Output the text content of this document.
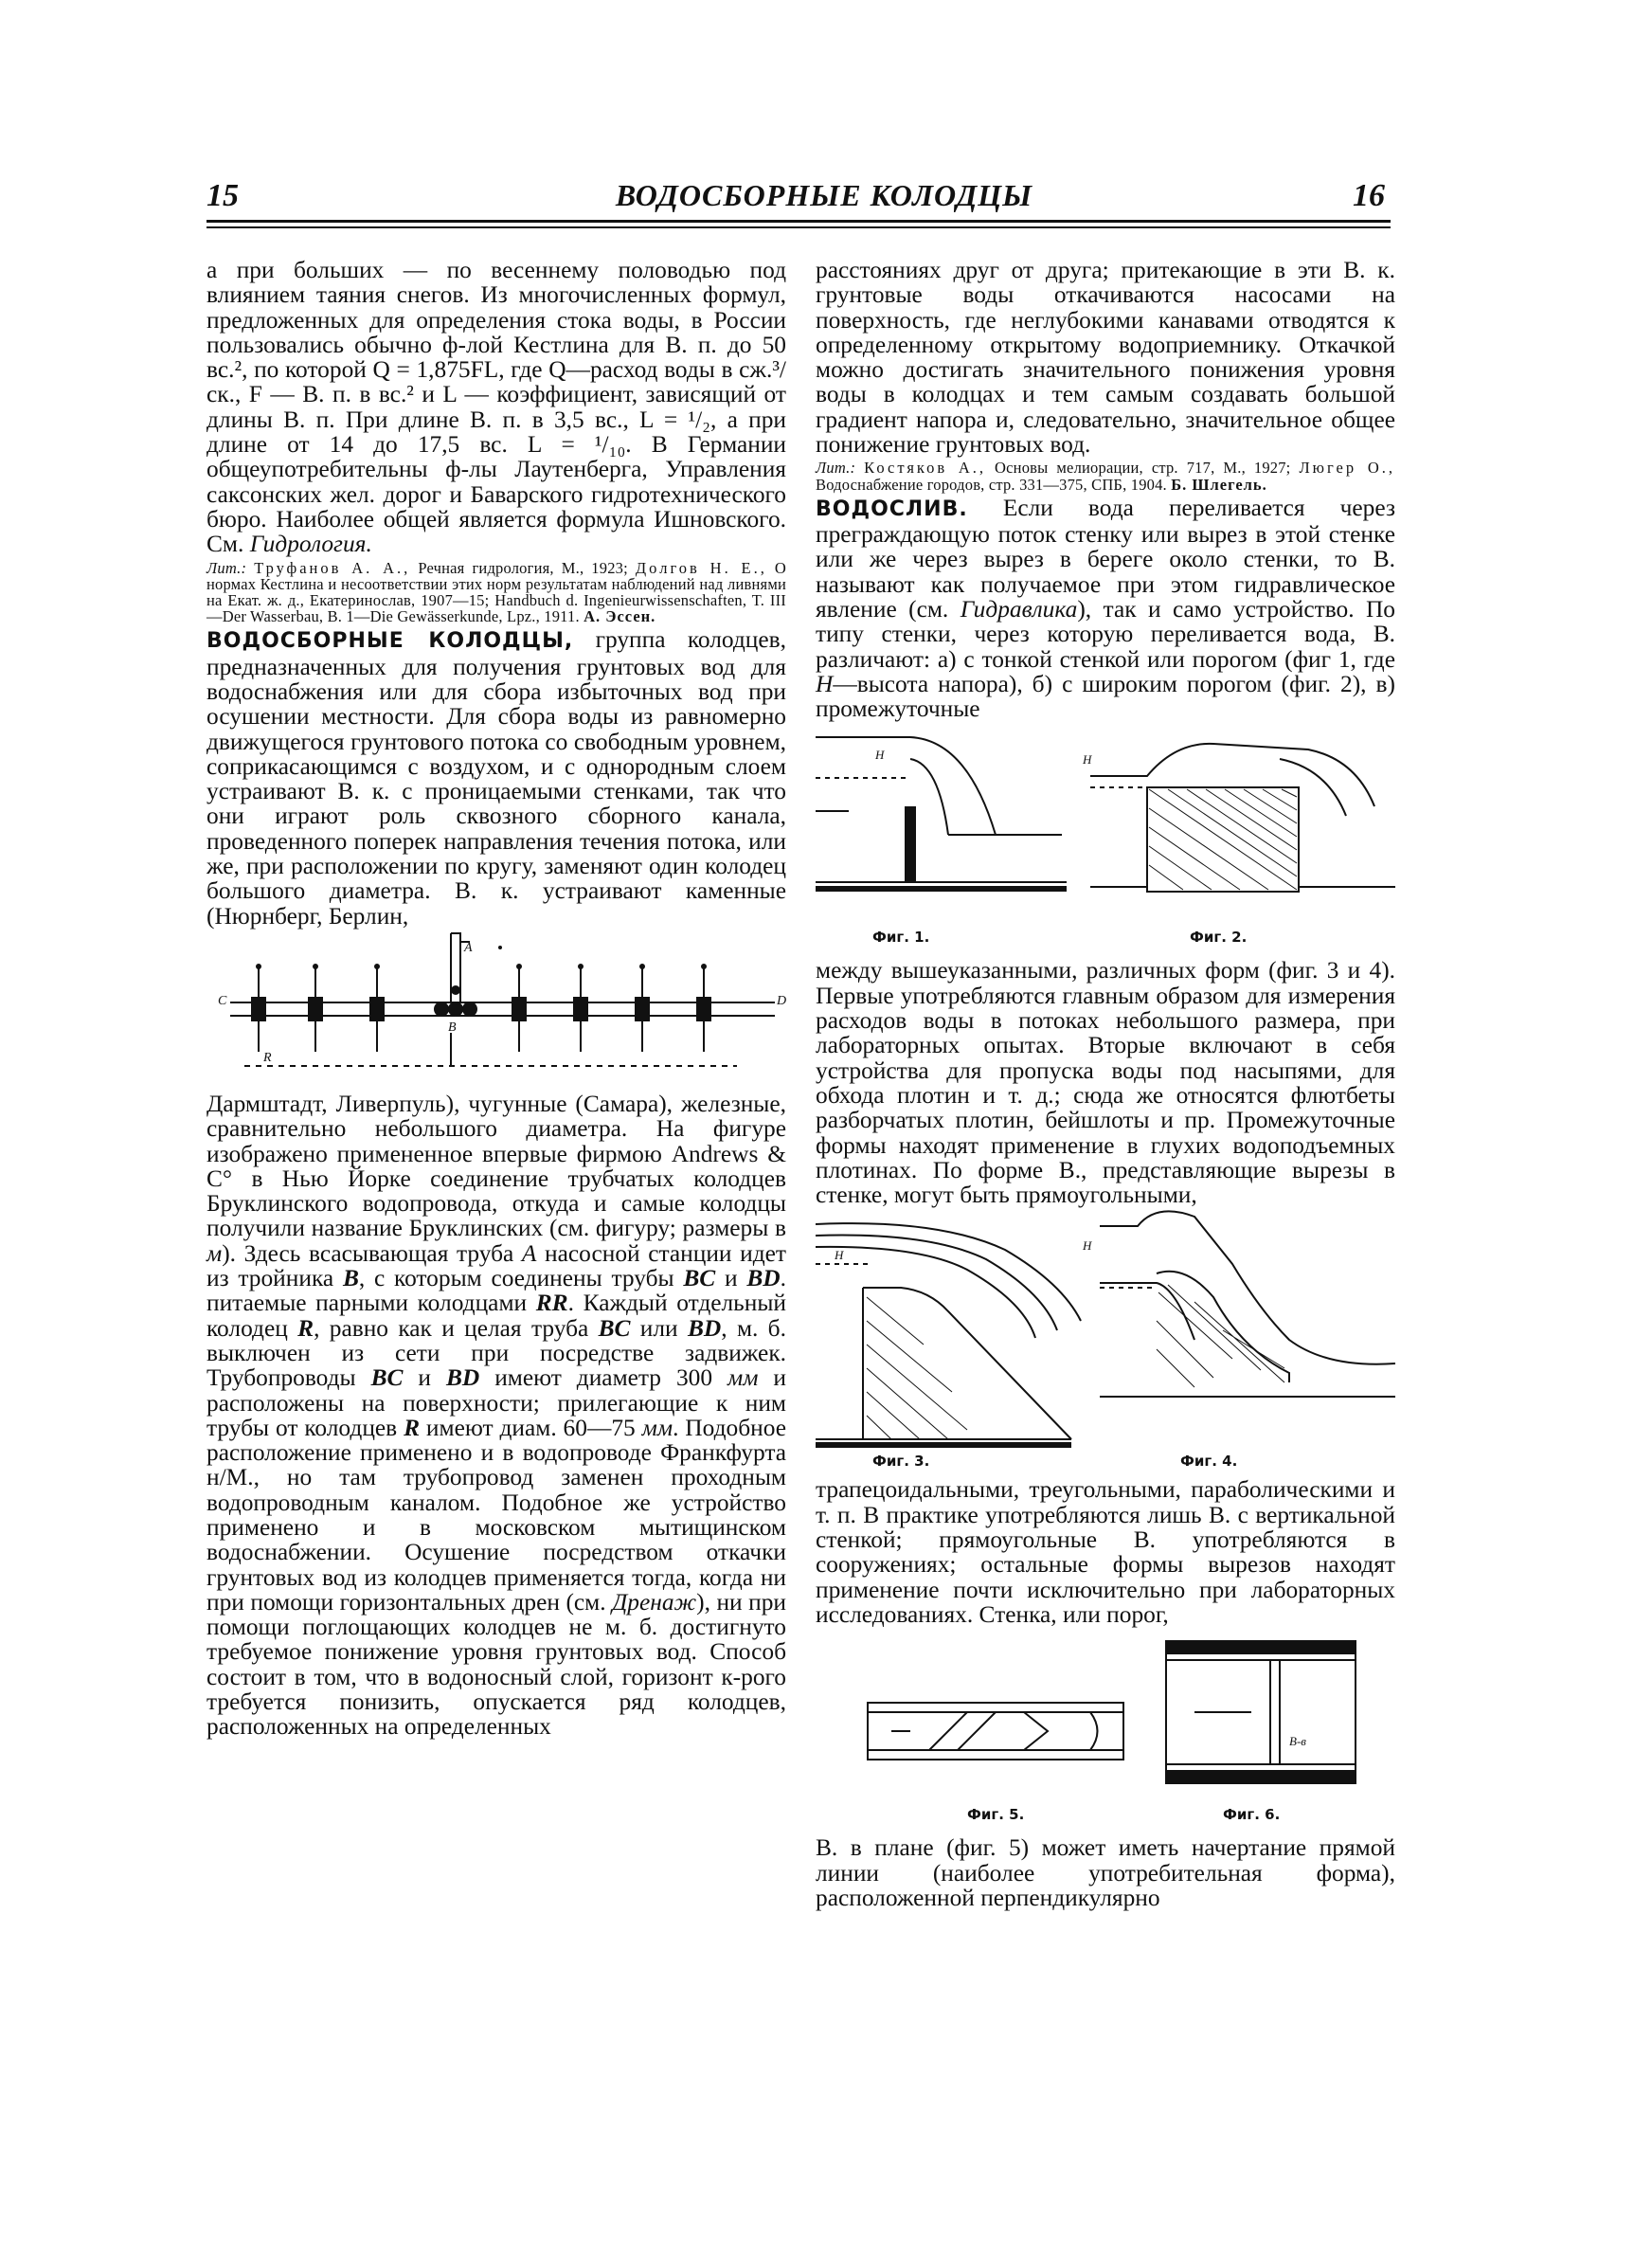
15	ВОДОСБОРНЫЕ КОЛОДЦЫ	16

а при больших — по весеннему половодью под влиянием таяния снегов. Из многочисленных формул, предложенных для определения стока воды, в России пользовались обычно ф-лой Кестлина для В. п. до 50 вс.², по которой Q = 1,875FL, где Q—расход воды в сж.³/ск., F — В. п. в вс.² и L — коэффициент, зависящий от длины В. п. При длине В. п. в 3,5 вс., L = ¹/₂, а при длине от 14 до 17,5 вс. L = ¹/₁₀. В Германии общеупотребительны ф-лы Лаутенберга, Управления саксонских жел. дорог и Баварского гидротехнического бюро. Наиболее общей является формула Ишновского. См. Гидрология.

Лит.: Труфанов А. А., Речная гидрология, М., 1923; Долгов Н. Е., О нормах Кестлина и несоответствии этих норм результатам наблюдений над ливнями на Екат. ж. д., Екатеринослав, 1907—15; Handbuch d. Ingenieurwissenschaften, T. III—Der Wasserbau, B. 1—Die Gewässerkunde, Lpz., 1911. А. Эссен.

ВОДОСБОРНЫЕ КОЛОДЦЫ, группа колодцев, предназначенных для получения грунтовых вод для водоснабжения или для сбора избыточных вод при осушении местности. Для сбора воды из равномерно движущегося грунтового потока со свободным уровнем, соприкасающимся с воздухом, и с однородным слоем устраивают В. к. с проницаемыми стенками, так что они играют роль сквозного сборного канала, проведенного поперек направления течения потока, или же, при расположении по кругу, заменяют один колодец большого диаметра. В. к. устраивают каменные (Нюрнберг, Берлин,

A
B
C	D
R

Дармштадт, Ливерпуль), чугунные (Самара), железные, сравнительно небольшого диаметра. На фигуре изображено примененное впервые фирмою Andrews & C° в Нью Йорке соединение трубчатых колодцев Бруклинского водопровода, откуда и самые колодцы получили название Бруклинских (см. фигуру; размеры в м). Здесь всасывающая труба A насосной станции идет из тройника B, с которым соединены трубы BC и BD. питаемые парными колодцами RR. Каждый отдельный колодец R, равно как и целая труба BC или BD, м. б. выключен из сети при посредстве задвижек. Трубопроводы BC и BD имеют диаметр 300 мм и расположены на поверхности; прилегающие к ним трубы от колодцев R имеют диам. 60—75 мм. Подобное расположение применено и в водопроводе Франкфурта н/М., но там трубопровод заменен проходным водопроводным каналом. Подобное же устройство применено и в московском мытищинском водоснабжении. Осушение посредством откачки грунтовых вод из колодцев применяется тогда, когда ни при помощи горизонтальных дрен (см. Дренаж), ни при помощи поглощающих колодцев не м. б. достигнуто требуемое понижение уровня грунтовых вод. Способ состоит в том, что в водоносный слой, горизонт к-рого требуется понизить, опускается ряд колодцев, расположенных на определенных

расстояниях друг от друга; притекающие в эти В. к. грунтовые воды откачиваются насосами на поверхность, где неглубокими канавами отводятся к определенному открытому водоприемнику. Откачкой можно достигать значительного понижения уровня воды в колодцах и тем самым создавать большой градиент напора и, следовательно, значительное общее понижение грунтовых вод.

Лит.: Костяков А., Основы мелиорации, стр. 717, М., 1927; Люгер О., Водоснабжение городов, стр. 331—375, СПБ, 1904. Б. Шлегель.

ВОДОСЛИВ. Если вода переливается через преграждающую поток стенку или вырез в этой стенке или же через вырез в берегe около стенки, то В. называют как получаемое при этом гидравлическое явление (см. Гидравлика), так и само устройство. По типу стенки, через которую переливается вода, В. различают: а) с тонкой стенкой или порогом (фиг 1, где H—высота напора), б) с широким порогом (фиг. 2), в) промежуточные

H	H
Фиг. 1.	Фиг. 2.

между вышеуказанными, различных форм (фиг. 3 и 4). Первые употребляются главным образом для измерения расходов воды в потоках небольшого размера, при лабораторных опытах. Вторые включают в себя устройства для пропуска воды под насыпями, для обхода плотин и т. д.; сюда же относятся флютбеты разборчатых плотин, бейшлоты и пр. Промежуточные формы находят применение в глухих водоподъемных плотинах. По форме В., представляющие вырезы в стенке, могут быть прямоугольными,

H
H
Фиг. 3.	Фиг. 4.

трапецоидальными, треугольными, параболическими и т. п. В практике употребляются лишь В. с вертикальной стенкой; прямоугольные В. употребляются в сооружениях; остальные формы вырезов находят применение почти исключительно при лабораторных исследованиях. Стенка, или порог,

B-в
Фиг. 5.	Фиг. 6.

В. в плане (фиг. 5) может иметь начертание прямой линии (наиболее употребительная форма), расположенной перпендикулярно
